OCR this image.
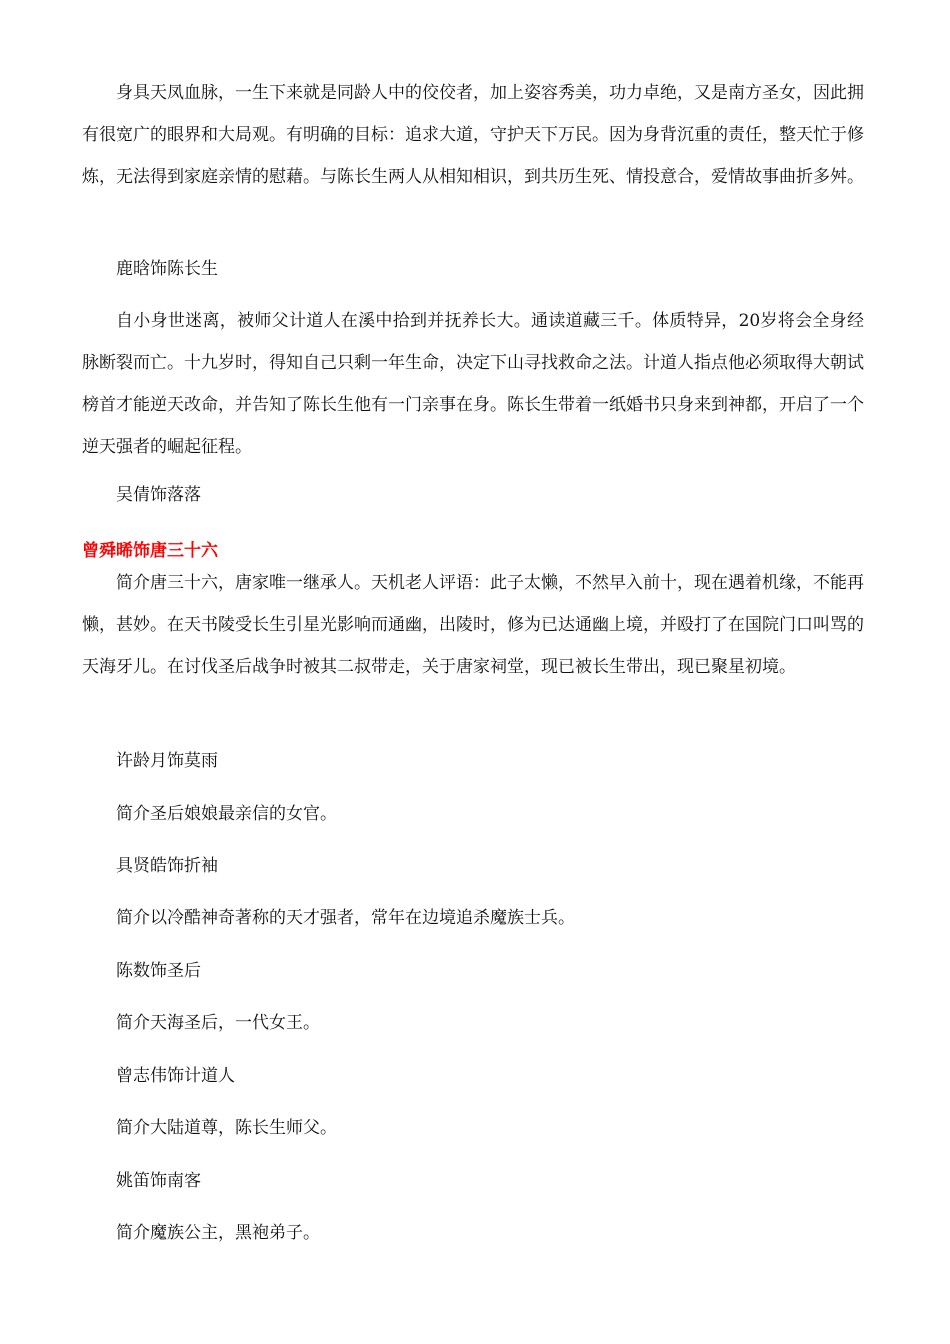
身具天凤血脉，一生下来就是同龄人中的佼佼者，加上姿容秀美，功力卓绝，又是南方圣女，因此拥有很宽广的眼界和大局观。有明确的目标：追求大道，守护天下万民。因为身背沉重的责任，整天忙于修炼，无法得到家庭亲情的慰藉。与陈长生两人从相知相识，到共历生死、情投意合，爱情故事曲折多舛。

鹿晗饰陈长生

自小身世迷离，被师父计道人在溪中拾到并抚养长大。通读道藏三千。体质特异，20岁将会全身经脉断裂而亡。十九岁时，得知自己只剩一年生命，决定下山寻找救命之法。计道人指点他必须取得大朝试榜首才能逆天改命，并告知了陈长生他有一门亲事在身。陈长生带着一纸婚书只身来到神都，开启了一个逆天强者的崛起征程。

吴倩饰落落

曾舜晞饰唐三十六

简介唐三十六，唐家唯一继承人。天机老人评语：此子太懒，不然早入前十，现在遇着机缘，不能再懒，甚妙。在天书陵受长生引星光影响而通幽，出陵时，修为已达通幽上境，并殴打了在国院门口叫骂的天海牙儿。在讨伐圣后战争时被其二叔带走，关于唐家祠堂，现已被长生带出，现已聚星初境。

许龄月饰莫雨

简介圣后娘娘最亲信的女官。

具贤皓饰折袖

简介以冷酷神奇著称的天才强者，常年在边境追杀魔族士兵。

陈数饰圣后

简介天海圣后，一代女王。

曾志伟饰计道人

简介大陆道尊，陈长生师父。

姚笛饰南客

简介魔族公主，黑袍弟子。
